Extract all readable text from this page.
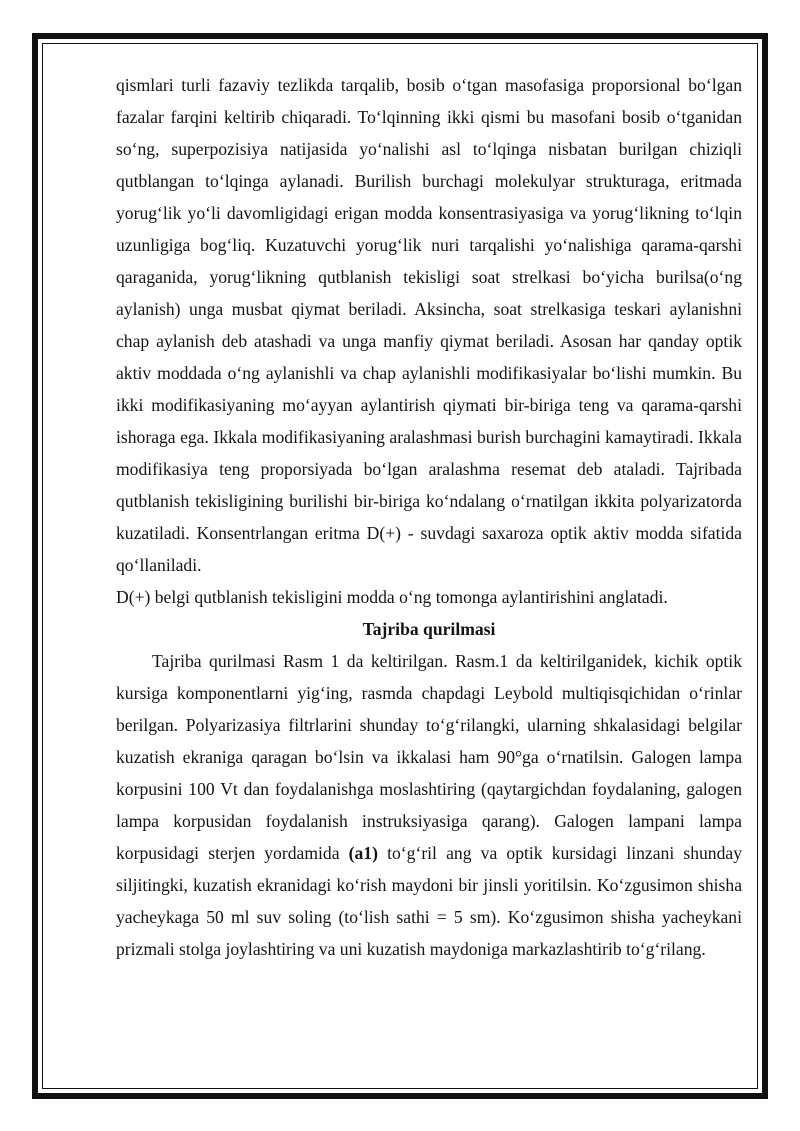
qismlari turli fazaviy tezlikda tarqalib, bosib o‘tgan masofasiga proporsional bo‘lgan fazalar farqini keltirib chiqaradi. To‘lqinning ikki qismi bu masofani bosib o‘tganidan so‘ng, superpozisiya natijasida yo‘nalishi asl to‘lqinga nisbatan burilgan chiziqli qutblangan to‘lqinga aylanadi. Burilish burchagi molekulyar strukturaga, eritmada yorug‘lik yo‘li davomligidagi erigan modda konsentrasiyasiga va yorug‘likning to‘lqin uzunligiga bog‘liq. Kuzatuvchi yorug‘lik nuri tarqalishi yo‘nalishiga qarama-qarshi qaraganida, yorug‘likning qutblanish tekisligi soat strelkasi bo‘yicha burilsa(o‘ng aylanish) unga musbat qiymat beriladi. Aksincha, soat strelkasiga teskari aylanishni chap aylanish deb atashadi va unga manfiy qiymat beriladi. Asosan har qanday optik aktiv moddada o‘ng aylanishli va chap aylanishli modifikasiyalar bo‘lishi mumkin. Bu ikki modifikasiyaning mo‘ayyan aylantirish qiymati bir-biriga teng va qarama-qarshi ishoraga ega. Ikkala modifikasiyaning aralashmasi burish burchagini kamaytiradi. Ikkala modifikasiya teng proporsiyada bo‘lgan aralashma resemat deb ataladi. Tajribada qutblanish tekisligining burilishi bir-biriga ko‘ndalang o‘rnatilgan ikkita polyarizatorda kuzatiladi. Konsentrlangan eritma D(+) - suvdagi saxaroza optik aktiv modda sifatida qo‘llaniladi.

D(+) belgi qutblanish tekisligini modda o‘ng tomonga aylantirishini anglatadi.

Tajriba qurilmasi

Tajriba qurilmasi Rasm 1 da keltirilgan. Rasm.1 da keltirilganidek, kichik optik kursiga komponentlarni yig‘ing, rasmda chapdagi Leybold multiqisqichidan o‘rinlar berilgan. Polyarizasiya filtrlarini shunday to‘g‘rilangki, ularning shkalasidagi belgilar kuzatish ekraniga qaragan bo‘lsin va ikkalasi ham 90°ga o‘rnatilsin. Galogen lampa korpusini 100 Vt dan foydalanishga moslashtiring (qaytargichdan foydalaning, galogen lampa korpusidan foydalanish instruksiyasiga qarang). Galogen lampani lampa korpusidagi sterjen yordamida (a1) to‘g‘ril ang va optik kursidagi linzani shunday siljitingki, kuzatish ekranidagi ko‘rish maydoni bir jinsli yoritilsin. Ko‘zgusimon shisha yacheykaga 50 ml suv soling (to‘lish sathi = 5 sm). Ko‘zgusimon shisha yacheykani prizmali stolga joylashtiring va uni kuzatish maydoniga markazlashtirib to‘g‘rilang.
